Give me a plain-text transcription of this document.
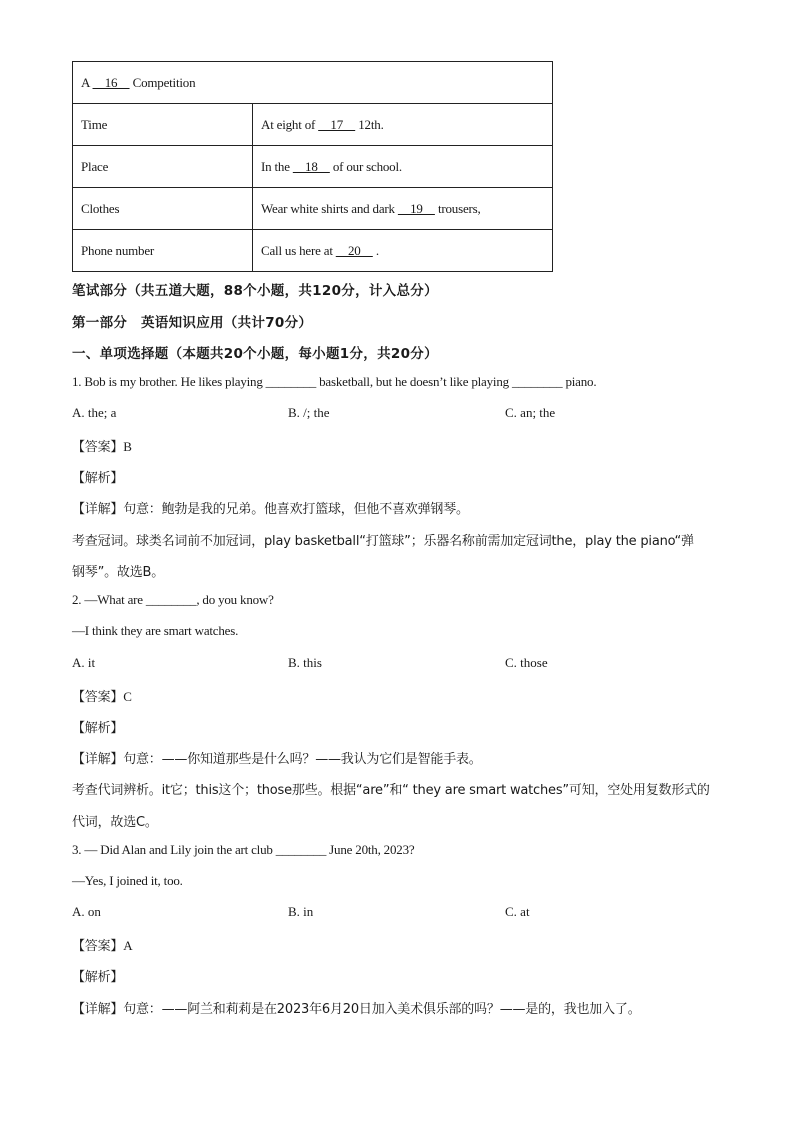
A     16     Competition	
Time	At eight of     17     12th.
Place	In the     18     of our school.
Clothes	Wear white shirts and dark     19     trousers,
Phone number	Call us here at     20     .
笔试部分（共五道大题，88个小题，共120分，计入总分）
第一部分　英语知识应用（共计70分）
一、单项选择题（本题共20个小题，每小题1分，共20分）
1. Bob is my brother. He likes playing ________ basketball, but he doesn’t like playing ________ piano.
A. the; a	B. /; the	C. an; the
【答案】B
【解析】
【详解】句意：鲍勃是我的兄弟。他喜欢打篮球，但他不喜欢弹钢琴。
考查冠词。球类名词前不加冠词，play basketball“打篮球”；乐器名称前需加定冠词the，play the piano“弹
钢琴”。故选B。
2. —What are ________, do you know?
—I think they are smart watches.
A. it	B. this	C. those
【答案】C
【解析】
【详解】句意：——你知道那些是什么吗？——我认为它们是智能手表。
考查代词辨析。it它；this这个；those那些。根据“are”和“ they are smart watches”可知，空处用复数形式的
代词，故选C。
3. — Did Alan and Lily join the art club ________ June 20th, 2023?
—Yes, I joined it, too.
A. on	B. in	C. at
【答案】A
【解析】
【详解】句意：——阿兰和莉莉是在2023年6月20日加入美术俱乐部的吗？——是的，我也加入了。
